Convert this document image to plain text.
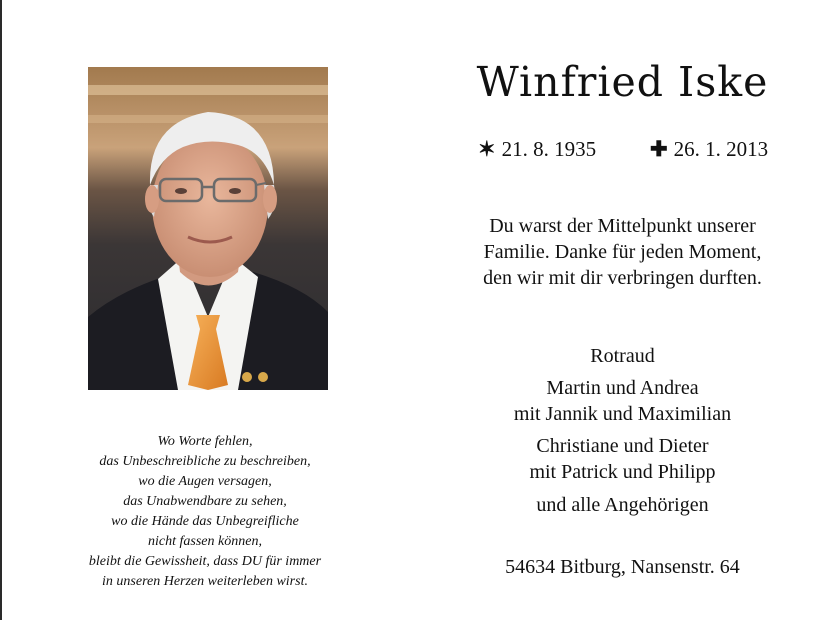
Wo Worte fehlen,
das Unbeschreibliche zu beschreiben,
wo die Augen versagen,
das Unabwendbare zu sehen,
wo die Hände das Unbegreifliche
nicht fassen können,
bleibt die Gewissheit, dass DU für immer
in unseren Herzen weiterleben wirst.
Winfried Iske
✶ 21. 8. 1935	✚ 26. 1. 2013
Du warst der Mittelpunkt unserer
Familie. Danke für jeden Moment,
den wir mit dir verbringen durften.
Rotraud
Martin und Andrea
mit Jannik und Maximilian
Christiane und Dieter
mit Patrick und Philipp
und alle Angehörigen
54634 Bitburg, Nansenstr. 64
